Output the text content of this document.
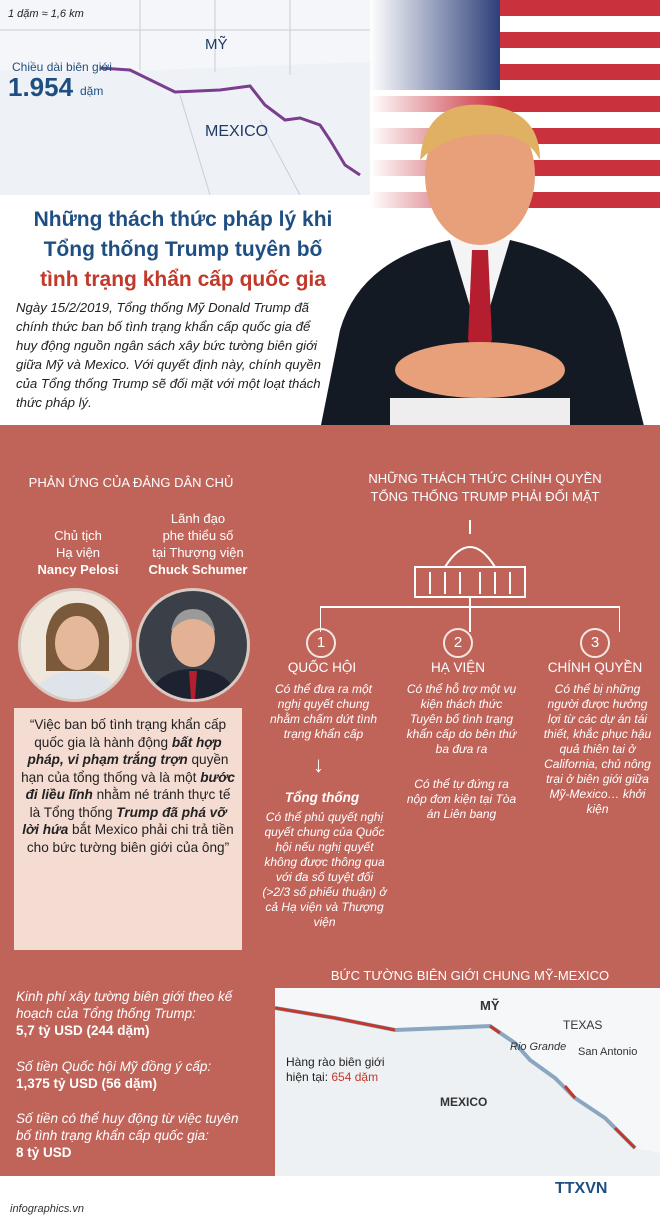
1 dặm ≈ 1,6 km
Chiều dài biên giới
1.954 dặm
MỸ
MEXICO
Những thách thức pháp lý khi
Tổng thống Trump tuyên bố
tình trạng khẩn cấp quốc gia
Ngày 15/2/2019, Tổng thống Mỹ Donald Trump đã chính thức ban bố tình trạng khẩn cấp quốc gia để huy động nguồn ngân sách xây bức tường biên giới giữa Mỹ và Mexico. Với quyết định này, chính quyền của Tổng thống Trump sẽ đối mặt với một loạt thách thức pháp lý.
PHẢN ỨNG CỦA ĐẢNG DÂN CHỦ
Chủ tịch
Hạ viện
Nancy Pelosi
Lãnh đạo
phe thiểu số
tại Thượng viện
Chuck Schumer
“Việc ban bố tình trạng khẩn cấp quốc gia là hành động bất hợp pháp, vi phạm trắng trợn quyền hạn của tổng thống và là một bước đi liều lĩnh nhằm né tránh thực tế là Tổng thống Trump đã phá vỡ lời hứa bắt Mexico phải chi trả tiền cho bức tường biên giới của ông”
NHỮNG THÁCH THỨC CHÍNH QUYỀN
TỔNG THỐNG TRUMP PHẢI ĐỐI MẶT
1	2	3
QUỐC HỘI	HẠ VIỆN	CHÍNH QUYỀN
Có thể đưa ra một nghị quyết chung nhằm chấm dứt tình trạng khẩn cấp
Có thể hỗ trợ một vụ kiện thách thức Tuyên bố tình trạng khẩn cấp do bên thứ ba đưa ra
Có thể tự đứng ra nộp đơn kiện tại Tòa án Liên bang
Có thể bị những người được hưởng lợi từ các dự án tái thiết, khắc phục hậu quả thiên tai ở California, chủ nông trại ở biên giới giữa Mỹ-Mexico… khởi kiện
↓
Tổng thống
Có thể phủ quyết nghị quyết chung của Quốc hội nếu nghị quyết không được thông qua với đa số tuyệt đối (>2/3 số phiếu thuận) ở cả Hạ viện và Thượng viện
Kinh phí xây tường biên giới theo kế hoạch của Tổng thống Trump:
5,7 tỷ USD (244 dặm)
Số tiền Quốc hội Mỹ đồng ý cấp:
1,375 tỷ USD (56 dặm)
Số tiền có thể huy động từ việc tuyên bố tình trạng khẩn cấp quốc gia:
8 tỷ USD
BỨC TƯỜNG BIÊN GIỚI CHUNG MỸ-MEXICO
MỸ
TEXAS
Rio Grande San Antonio
MEXICO
Hàng rào biên giới
hiện tại: 654 dặm
infographics.vn
TTXVN
